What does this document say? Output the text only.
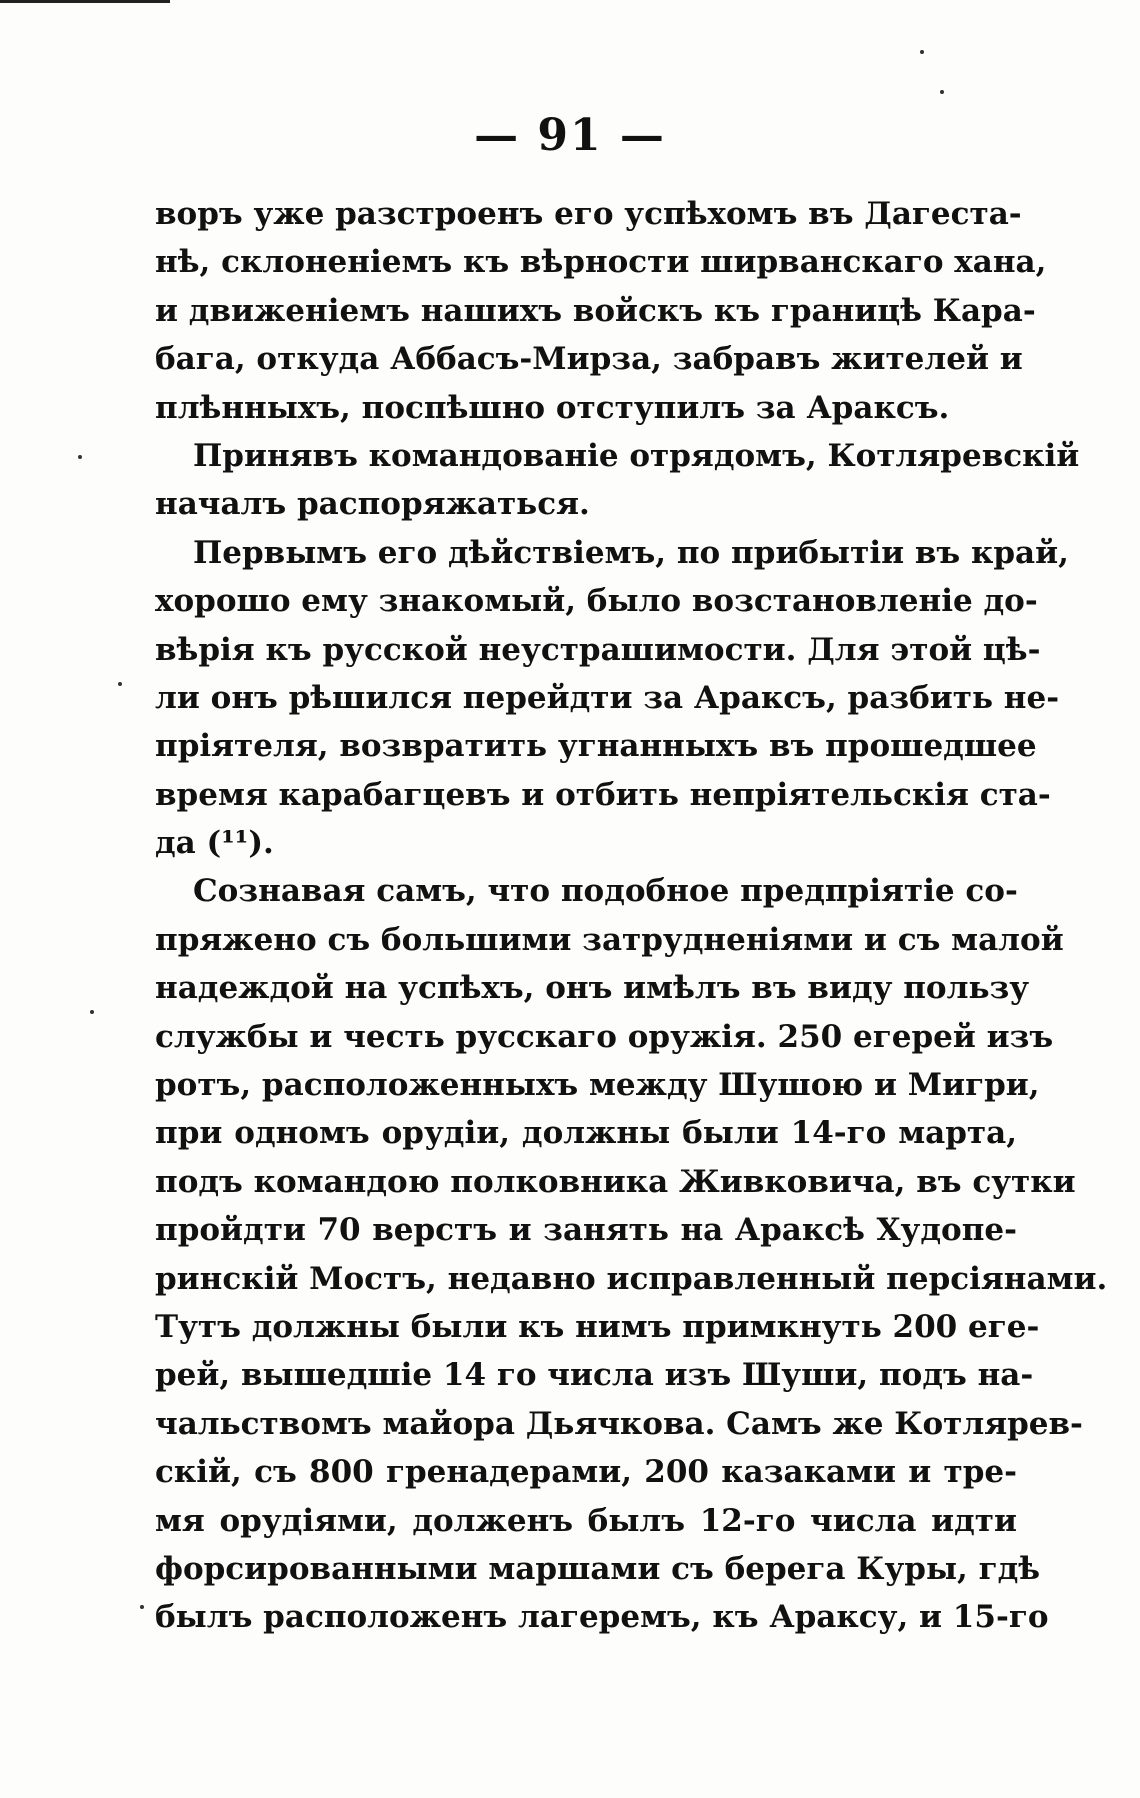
— 91 —
воръ уже разстроенъ его успѣхомъ въ Дагеста-
нѣ, склоненіемъ къ вѣрности ширванскаго хана,
и движеніемъ нашихъ войскъ къ границѣ Кара-
бага, откуда Аббасъ-Мирза, забравъ жителей и
плѣнныхъ, поспѣшно отступилъ за Араксъ.
Принявъ командованіе отрядомъ, Котляревскій
началъ распоряжаться.
Первымъ его дѣйствіемъ, по прибытіи въ край,
хорошо ему знакомый, было возстановленіе до-
вѣрія къ русской неустрашимости. Для этой цѣ-
ли онъ рѣшился перейдти за Араксъ, разбить не-
пріятеля, возвратить угнанныхъ въ прошедшее
время карабагцевъ и отбить непріятельскія ста-
да (¹¹).
Сознавая самъ, что подобное предпріятіе со-
пряжено съ большими затрудненіями и съ малой
надеждой на успѣхъ, онъ имѣлъ въ виду пользу
службы и честь русскаго оружія. 250 егерей изъ
ротъ, расположенныхъ между Шушою и Мигри,
при одномъ орудіи, должны были 14-го марта,
подъ командою полковника Живковича, въ сутки
пройдти 70 верстъ и занять на Араксѣ Худопе-
ринскій Мостъ, недавно исправленный персіянами.
Тутъ должны были къ нимъ примкнуть 200 еге-
рей, вышедшіе 14 го числа изъ Шуши, подъ на-
чальствомъ майора Дьячкова. Самъ же Котлярев-
скій, съ 800 гренадерами, 200 казаками и тре-
мя орудіями, долженъ былъ 12-го числа идти
форсированными маршами съ берега Куры, гдѣ
былъ расположенъ лагеремъ, къ Араксу, и 15-го
